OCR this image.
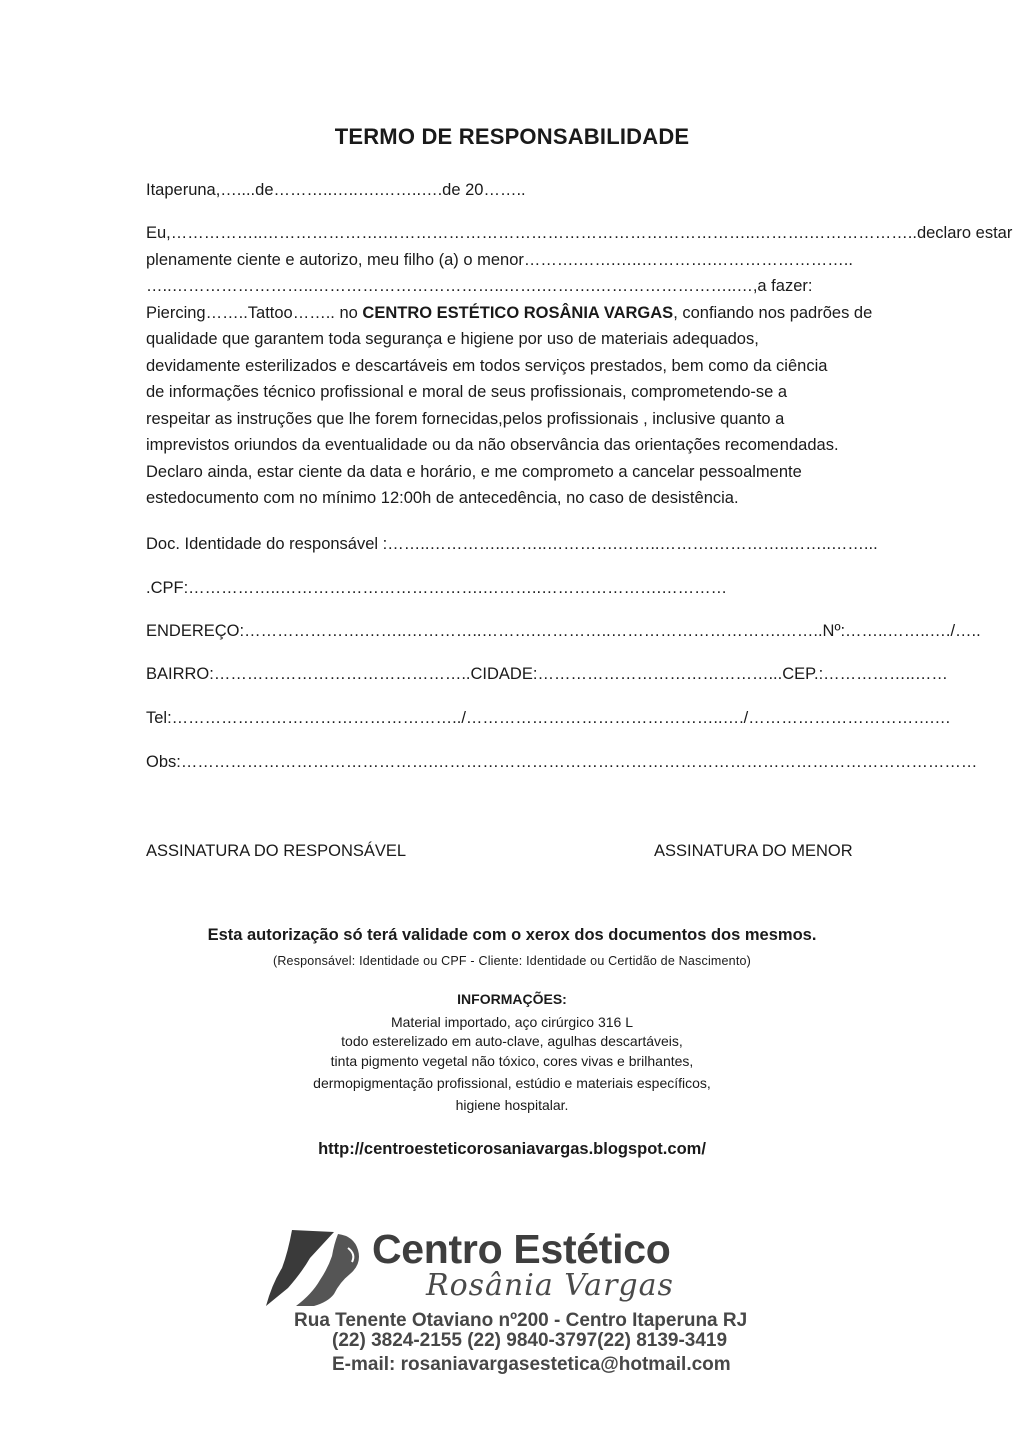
TERMO DE RESPONSABILIDADE
Itaperuna,…....de………..…..….……..….de 20……..
Eu,……………..………………….…………………………………………………………..……….………………..declaro estar
plenamente ciente e autorizo, meu filho (a) o menor……….…….…..………….……………………..
…..……………………..……………………………..…….……….……………………..…,a fazer:
Piercing……..Tattoo…….. no CENTRO ESTÉTICO ROSÂNIA VARGAS, confiando nos padrões de
qualidade que garantem toda segurança e higiene por uso de materiais adequados,
devidamente esterilizados e descartáveis em todos serviços prestados, bem como da ciência
de informações técnico profissional e moral de seus profissionais, comprometendo-se a
respeitar as instruções que lhe forem fornecidas,pelos profissionais , inclusive quanto a
imprevistos oriundos da eventualidade ou da não observância das orientações recomendadas.
Declaro ainda, estar ciente da data e horário, e me comprometo a cancelar pessoalmente
estedocumento com no mínimo 12:00h de antecedência, no caso de desistência.
Doc. Identidade do responsável :……..…………..……..………….……..……….…………..……..……...
.CPF:……………..……………………………….………..………………….…………
ENDEREÇO:………………….……..…………..……….…………..………………………….……..Nº:……..……..…./…..
BAIRRO:………………………………………..CIDADE:……………………………………...CEP.:……………..……
Tel:……………………………………………../………………………………………..…./…………………………….…
Obs:……………………………………….………………………………………………………………………………………
ASSINATURA DO RESPONSÁVEL	ASSINATURA DO MENOR
Esta autorização só terá validade com o xerox dos documentos dos mesmos.
(Responsável: Identidade ou CPF - Cliente: Identidade ou Certidão de Nascimento)
INFORMAÇÕES:
Material importado, aço cirúrgico 316 L
todo esterelizado em auto-clave, agulhas descartáveis,
tinta pigmento vegetal não tóxico, cores vivas e brilhantes,
dermopigmentação profissional, estúdio e materiais específicos,
higiene hospitalar.
http://centroesteticorosaniavargas.blogspot.com/
Centro Estético
Rosânia Vargas
Rua Tenente Otaviano nº200 - Centro Itaperuna RJ
(22) 3824-2155 (22) 9840-3797(22) 8139-3419
E-mail: rosaniavargasestetica@hotmail.com
